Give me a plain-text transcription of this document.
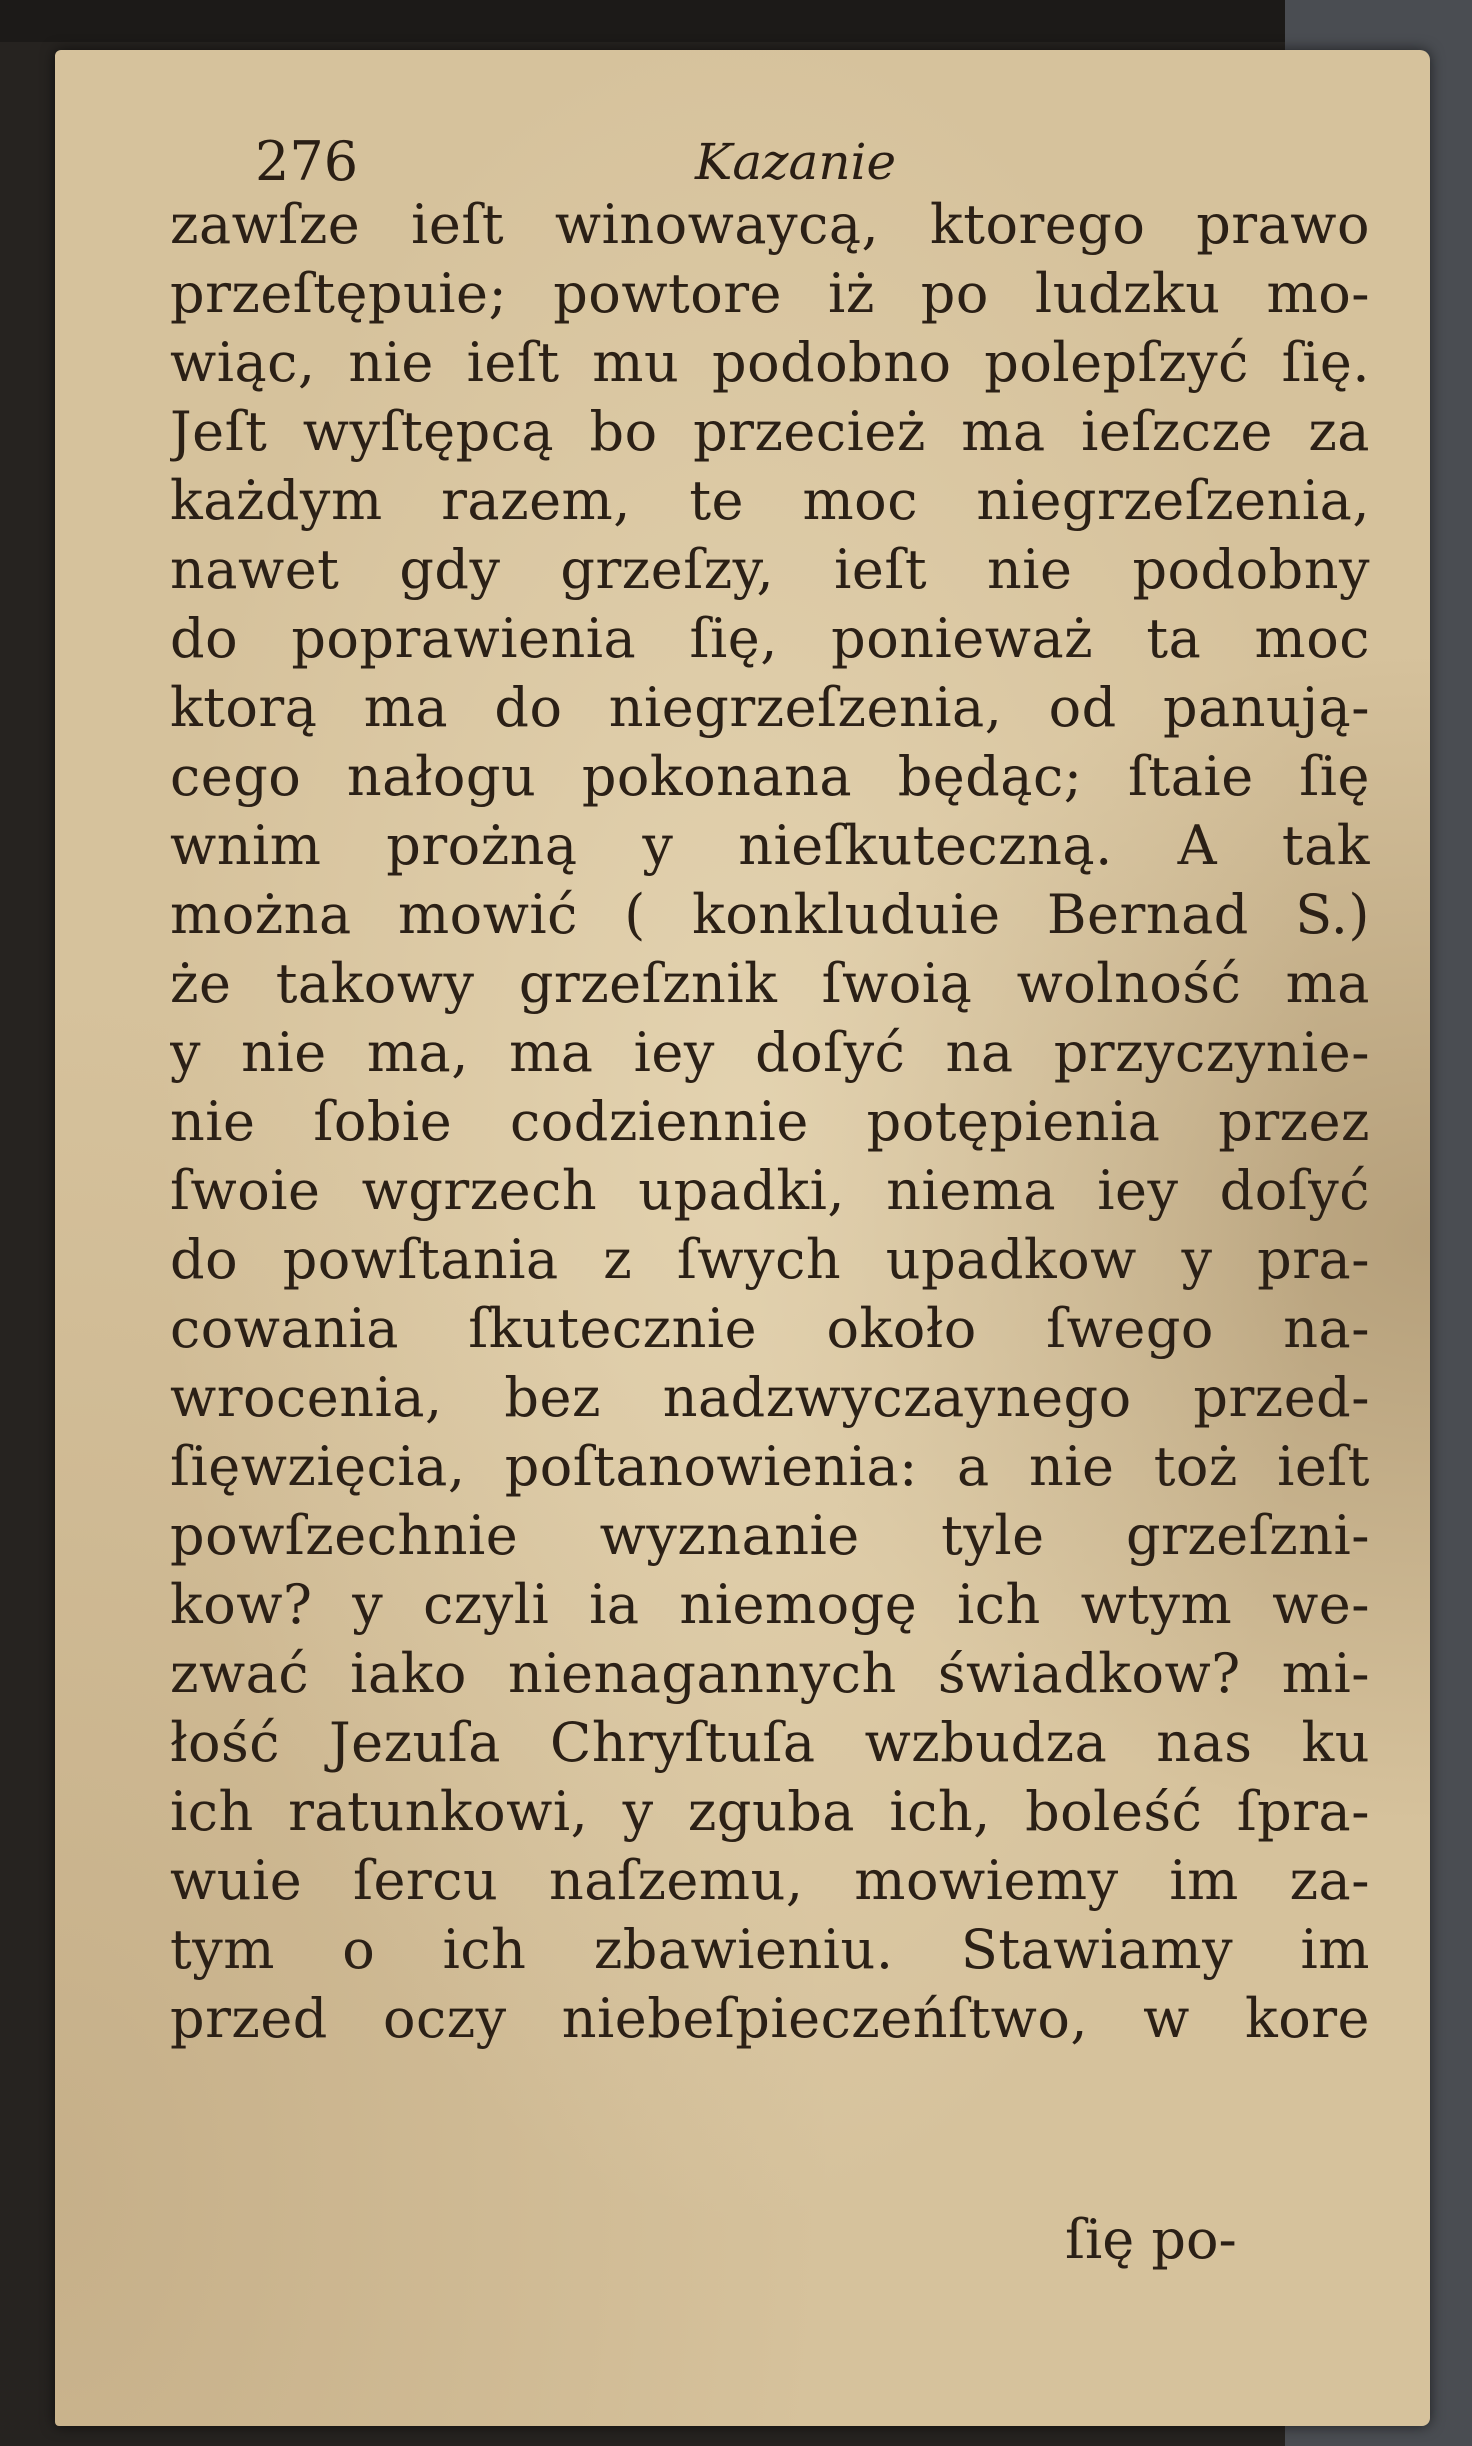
276	Kazanie
zawſze ieſt winowaycą, ktorego prawo
przeſtępuie; powtore iż po ludzku mo-
wiąc, nie ieſt mu podobno polepſzyć ſię.
Jeſt wyſtępcą bo przecież ma ieſzcze za
każdym razem, te moc niegrzeſzenia,
nawet gdy grzeſzy, ieſt nie podobny
do poprawienia ſię, ponieważ ta moc
ktorą ma do niegrzeſzenia, od panują-
cego nałogu pokonana będąc; ſtaie ſię
wnim prożną y nieſkuteczną. A tak
można mowić ( konkluduie Bernad S.)
że takowy grzeſznik ſwoią wolność ma
y nie ma, ma iey doſyć na przyczynie-
nie ſobie codziennie potępienia przez
ſwoie wgrzech upadki, niema iey doſyć
do powſtania z ſwych upadkow y pra-
cowania ſkutecznie około ſwego na-
wrocenia, bez nadzwyczaynego przed-
ſięwzięcia, poſtanowienia: a nie toż ieſt
powſzechnie wyznanie tyle grzeſzni-
kow? y czyli ia niemogę ich wtym we-
zwać iako nienagannych świadkow? mi-
łość Jezuſa Chryſtuſa wzbudza nas ku
ich ratunkowi, y zguba ich, boleść ſpra-
wuie ſercu naſzemu, mowiemy im za-
tym o ich zbawieniu. Stawiamy im
przed oczy niebeſpieczeńſtwo, w kore
ſię po-
